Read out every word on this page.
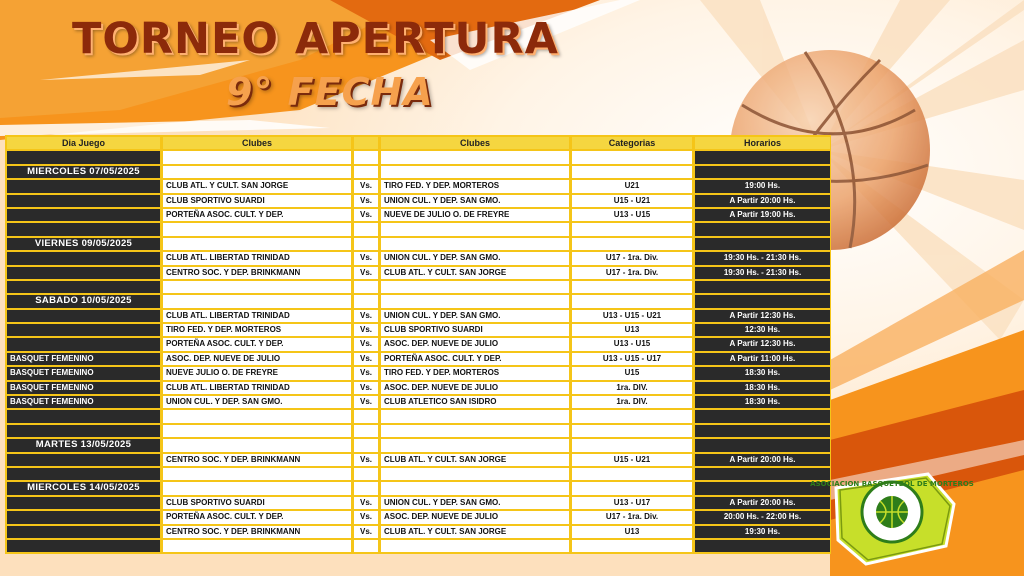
TORNEO APERTURA
9° FECHA
Dia Juego	Clubes	Clubes	Categorias	Horarios
MIERCOLES 07/05/2025
CLUB ATL. Y CULT. SAN JORGE	Vs.	TIRO FED. Y DEP. MORTEROS	U21	19:00 Hs.
CLUB SPORTIVO SUARDI	Vs.	UNION CUL. Y DEP. SAN GMO.	U15 - U21	A Partir 20:00 Hs.
PORTEÑA ASOC. CULT. Y DEP.	Vs.	NUEVE DE JULIO O. DE FREYRE	U13 - U15	A Partir 19:00 Hs.
VIERNES 09/05/2025
CLUB ATL. LIBERTAD TRINIDAD	Vs.	UNION CUL. Y DEP. SAN GMO.	U17 - 1ra. Div.	19:30 Hs. - 21:30 Hs.
CENTRO SOC. Y DEP. BRINKMANN	Vs.	CLUB ATL. Y CULT. SAN JORGE	U17 - 1ra. Div.	19:30 Hs. - 21:30 Hs.
SABADO 10/05/2025
CLUB ATL. LIBERTAD TRINIDAD	Vs.	UNION CUL. Y DEP. SAN GMO.	U13 - U15 - U21	A Partir 12:30 Hs.
TIRO FED. Y DEP. MORTEROS	Vs.	CLUB SPORTIVO SUARDI	U13	12:30 Hs.
PORTEÑA ASOC. CULT. Y DEP.	Vs.	ASOC. DEP. NUEVE DE JULIO	U13 - U15	A Partir 12:30 Hs.
BASQUET FEMENINO	ASOC. DEP. NUEVE DE JULIO	Vs.	PORTEÑA ASOC. CULT. Y DEP.	U13 - U15 - U17	A Partir 11:00 Hs.
BASQUET FEMENINO	NUEVE JULIO O. DE FREYRE	Vs.	TIRO FED. Y DEP. MORTEROS	U15	18:30 Hs.
BASQUET FEMENINO	CLUB ATL. LIBERTAD TRINIDAD	Vs.	ASOC. DEP. NUEVE DE JULIO	1ra. DIV.	18:30 Hs.
BASQUET FEMENINO	UNION CUL. Y DEP. SAN GMO.	Vs.	CLUB ATLETICO SAN ISIDRO	1ra. DIV.	18:30 Hs.
MARTES 13/05/2025
CENTRO SOC. Y DEP. BRINKMANN	Vs.	CLUB ATL. Y CULT. SAN JORGE	U15 - U21	A Partir 20:00 Hs.
MIERCOLES 14/05/2025
CLUB SPORTIVO SUARDI	Vs.	UNION CUL. Y DEP. SAN GMO.	U13 - U17	A Partir 20:00 Hs.
PORTEÑA ASOC. CULT. Y DEP.	Vs.	ASOC. DEP. NUEVE DE JULIO	U17 - 1ra. Div.	20:00 Hs. - 22:00 Hs.
CENTRO SOC. Y DEP. BRINKMANN	Vs.	CLUB ATL. Y CULT. SAN JORGE	U13	19:30 Hs.
ASOCIACION BASQUETBOL DE MORTEROS
